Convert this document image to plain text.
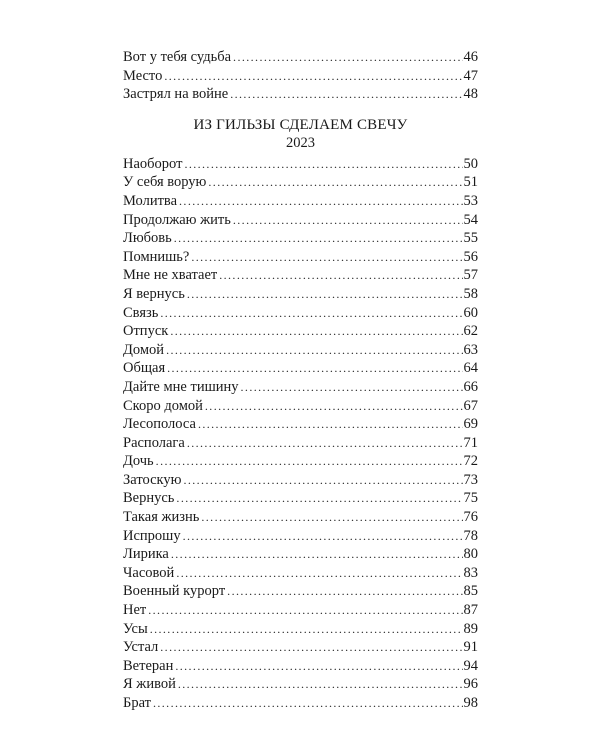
Вот у тебя судьба .....	46
Место .....	47
Застрял на войне .....	48
ИЗ ГИЛЬЗЫ СДЕЛАЕМ СВЕЧУ
2023
Наоборот .....	50
У себя ворую .....	51
Молитва .....	53
Продолжаю жить .....	54
Любовь .....	55
Помнишь? .....	56
Мне не хватает .....	57
Я вернусь .....	58
Связь .....	60
Отпуск .....	62
Домой .....	63
Общая .....	64
Дайте мне тишину .....	66
Скоро домой .....	67
Лесополоса .....	69
Располага .....	71
Дочь .....	72
Затоскую .....	73
Вернусь .....	75
Такая жизнь .....	76
Испрошу .....	78
Лирика .....	80
Часовой .....	83
Военный курорт .....	85
Нет .....	87
Усы .....	89
Устал .....	91
Ветеран .....	94
Я живой .....	96
Брат .....	98
